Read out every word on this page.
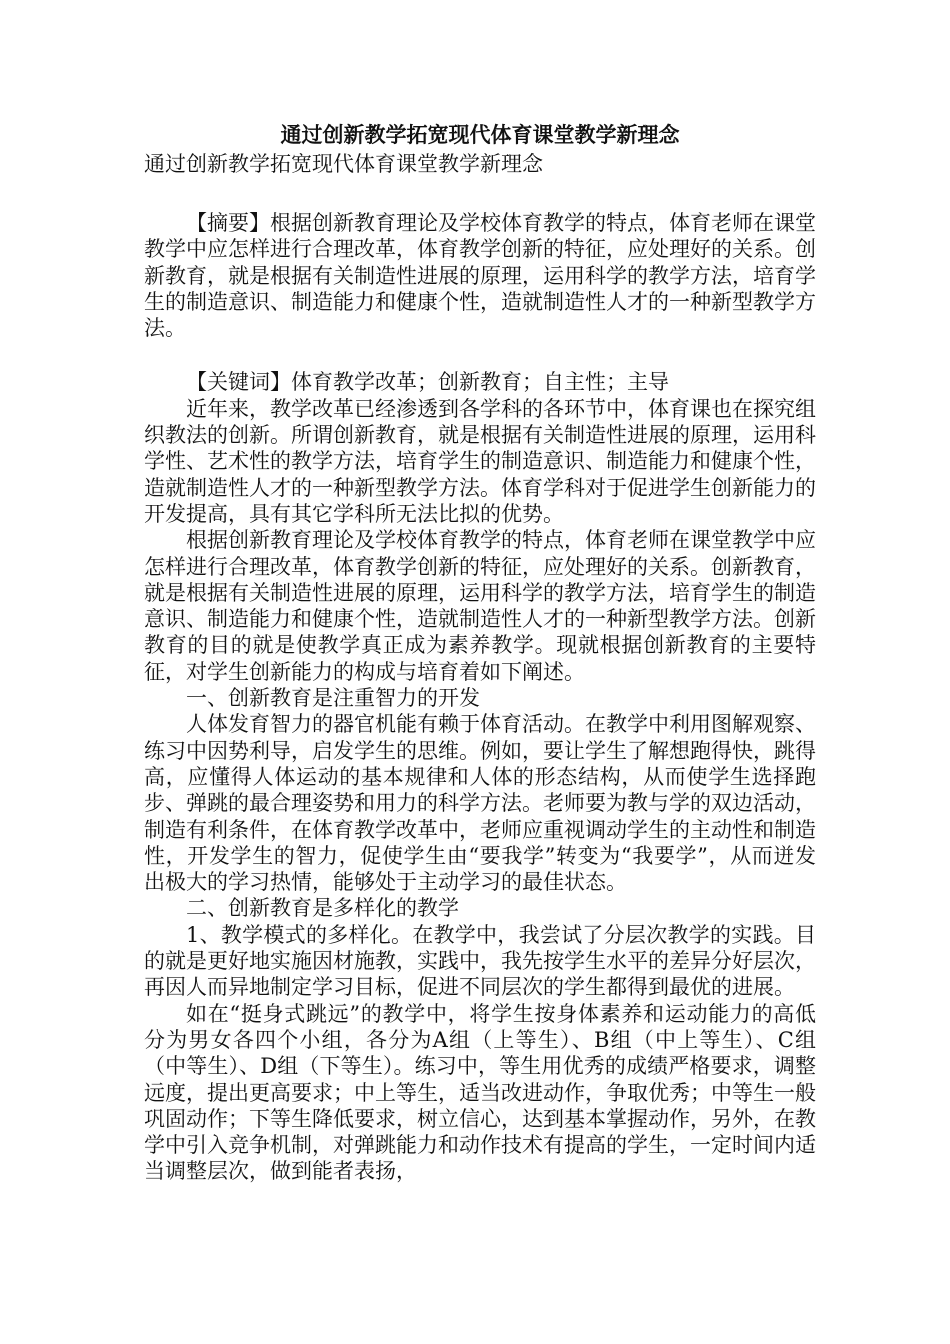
通过创新教学拓宽现代体育课堂教学新理念

通过创新教学拓宽现代体育课堂教学新理念

【摘要】根据创新教育理论及学校体育教学的特点，体育老师在课堂教学中应怎样进行合理改革，体育教学创新的特征，应处理好的关系。创新教育，就是根据有关制造性进展的原理，运用科学的教学方法，培育学生的制造意识、制造能力和健康个性，造就制造性人才的一种新型教学方法。

【关键词】体育教学改革；创新教育；自主性；主导

近年来，教学改革已经渗透到各学科的各环节中，体育课也在探究组织教法的创新。所谓创新教育，就是根据有关制造性进展的原理，运用科学性、艺术性的教学方法，培育学生的制造意识、制造能力和健康个性，造就制造性人才的一种新型教学方法。体育学科对于促进学生创新能力的开发提高，具有其它学科所无法比拟的优势。

根据创新教育理论及学校体育教学的特点，体育老师在课堂教学中应怎样进行合理改革，体育教学创新的特征，应处理好的关系。创新教育，就是根据有关制造性进展的原理，运用科学的教学方法，培育学生的制造意识、制造能力和健康个性，造就制造性人才的一种新型教学方法。创新教育的目的就是使教学真正成为素养教学。现就根据创新教育的主要特征，对学生创新能力的构成与培育着如下阐述。

一、创新教育是注重智力的开发

人体发育智力的器官机能有赖于体育活动。在教学中利用图解观察、练习中因势利导，启发学生的思维。例如，要让学生了解想跑得快，跳得高，应懂得人体运动的基本规律和人体的形态结构，从而使学生选择跑步、弹跳的最合理姿势和用力的科学方法。老师要为教与学的双边活动，制造有利条件，在体育教学改革中，老师应重视调动学生的主动性和制造性，开发学生的智力，促使学生由“要我学”转变为“我要学”，从而迸发出极大的学习热情，能够处于主动学习的最佳状态。

二、创新教育是多样化的教学

1、教学模式的多样化。在教学中，我尝试了分层次教学的实践。目的就是更好地实施因材施教，实践中，我先按学生水平的差异分好层次，再因人而异地制定学习目标，促进不同层次的学生都得到最优的进展。

如在“挺身式跳远”的教学中，将学生按身体素养和运动能力的高低分为男女各四个小组，各分为A组（上等生）、B组（中上等生）、C组（中等生）、D组（下等生）。练习中，等生用优秀的成绩严格要求，调整远度，提出更高要求；中上等生，适当改进动作，争取优秀；中等生一般巩固动作；下等生降低要求，树立信心，达到基本掌握动作，另外，在教学中引入竞争机制，对弹跳能力和动作技术有提高的学生，一定时间内适当调整层次，做到能者表扬，
